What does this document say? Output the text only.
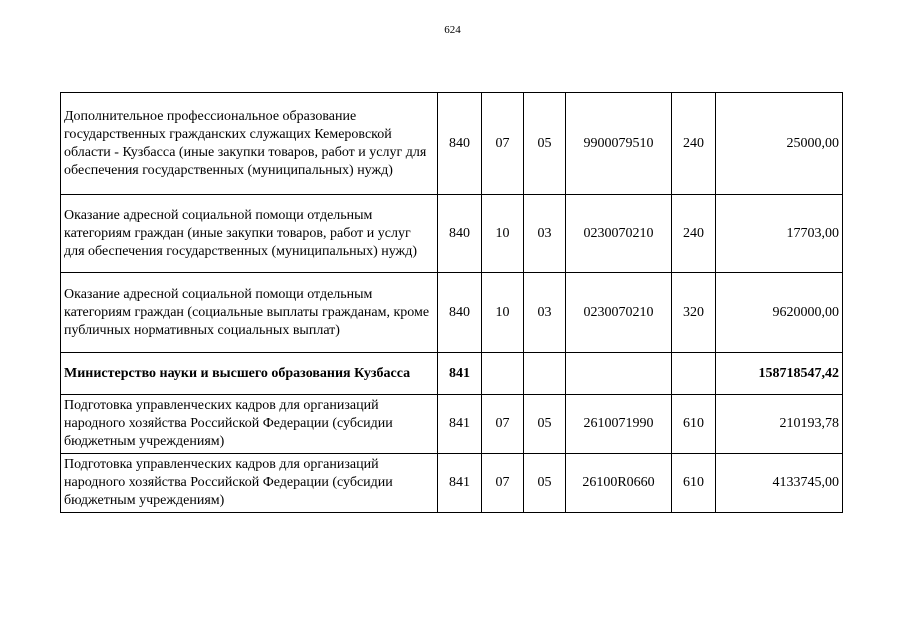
624
Дополнительное профессиональное образование государственных гражданских служащих Кемеровской области - Кузбасса (иные закупки товаров, работ и услуг для обеспечения государственных (муниципальных) нужд)	840	07	05	9900079510	240	25000,00
Оказание адресной социальной помощи отдельным категориям граждан (иные закупки товаров, работ и услуг для обеспечения государственных (муниципальных) нужд)	840	10	03	0230070210	240	17703,00
Оказание адресной социальной помощи отдельным категориям граждан (социальные выплаты гражданам, кроме публичных нормативных социальных выплат)	840	10	03	0230070210	320	9620000,00
Министерство науки и высшего образования Кузбасса	841					158718547,42
Подготовка управленческих кадров для организаций народного хозяйства Российской Федерации (субсидии бюджетным учреждениям)	841	07	05	2610071990	610	210193,78
Подготовка управленческих кадров для организаций народного хозяйства Российской Федерации (субсидии бюджетным учреждениям)	841	07	05	26100R0660	610	4133745,00
